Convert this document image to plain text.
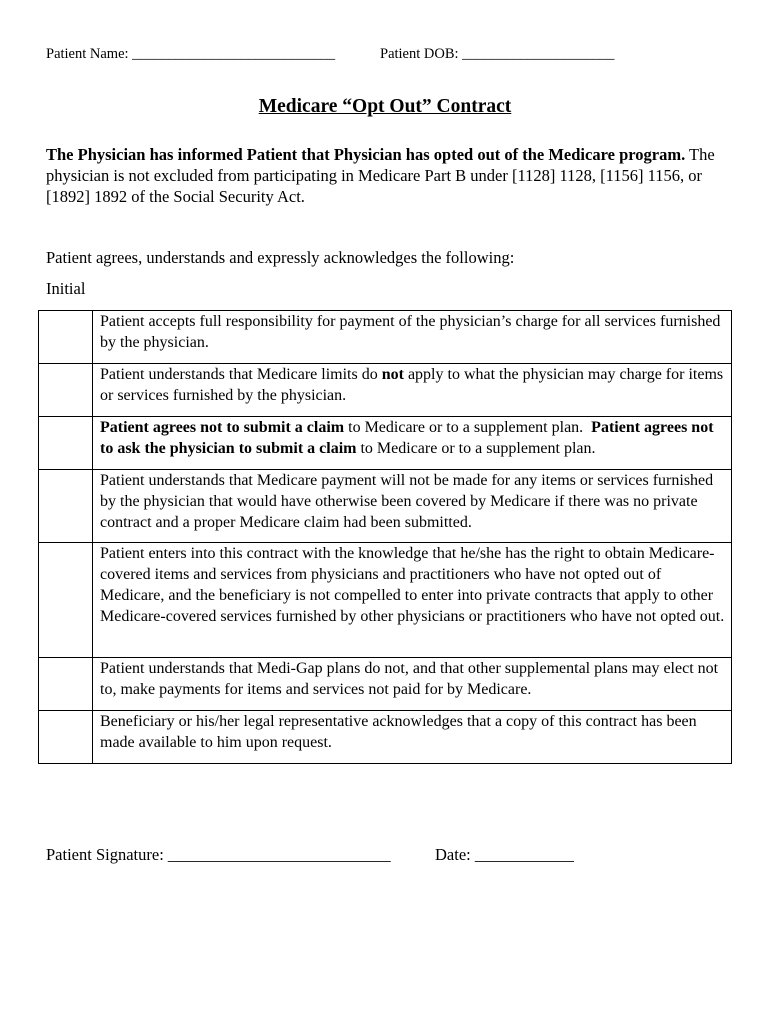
Patient Name: ____________________________	Patient DOB: _____________________
Medicare “Opt Out” Contract
The Physician has informed Patient that Physician has opted out of the Medicare program. The physician is not excluded from participating in Medicare Part B under [1128] 1128, [1156] 1156, or [1892] 1892 of the Social Security Act.
Patient agrees, understands and expressly acknowledges the following:
Initial
	Patient accepts full responsibility for payment of the physician’s charge for all services furnished by the physician.
	Patient understands that Medicare limits do not apply to what the physician may charge for items or services furnished by the physician.
	Patient agrees not to submit a claim to Medicare or to a supplement plan. Patient agrees not to ask the physician to submit a claim to Medicare or to a supplement plan.
	Patient understands that Medicare payment will not be made for any items or services furnished by the physician that would have otherwise been covered by Medicare if there was no private contract and a proper Medicare claim had been submitted.
	Patient enters into this contract with the knowledge that he/she has the right to obtain Medicare-covered items and services from physicians and practitioners who have not opted out of Medicare, and the beneficiary is not compelled to enter into private contracts that apply to other Medicare-covered services furnished by other physicians or practitioners who have not opted out.
	Patient understands that Medi-Gap plans do not, and that other supplemental plans may elect not to, make payments for items and services not paid for by Medicare.
	Beneficiary or his/her legal representative acknowledges that a copy of this contract has been made available to him upon request.
Patient Signature: ___________________________	Date: ____________
